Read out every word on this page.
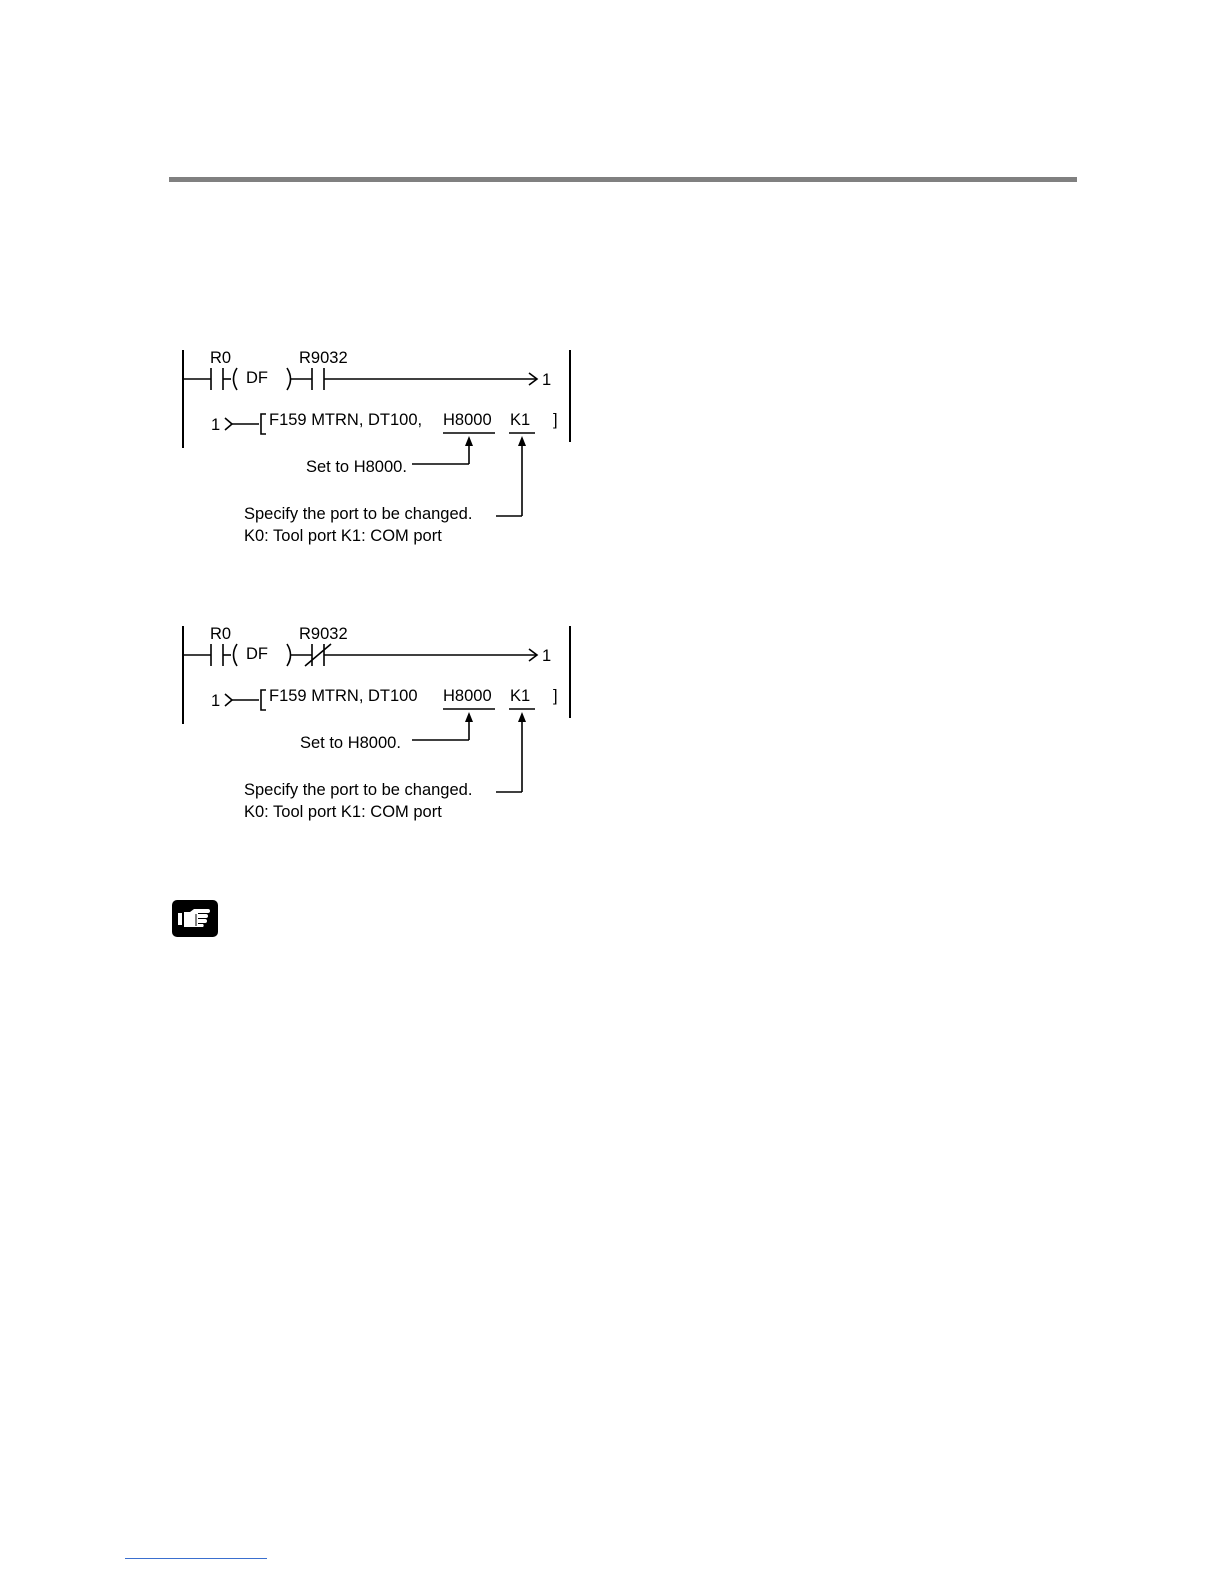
R0
DF
R9032
1
1	F159 MTRN, DT100, H8000 K1 ]
Set to H8000.
Specify the port to be changed.
K0: Tool port K1: COM port
R0
DF
R9032
1
1	F159 MTRN, DT100 H8000 K1 ]
Set to H8000.
Specify the port to be changed.
K0: Tool port K1: COM port
